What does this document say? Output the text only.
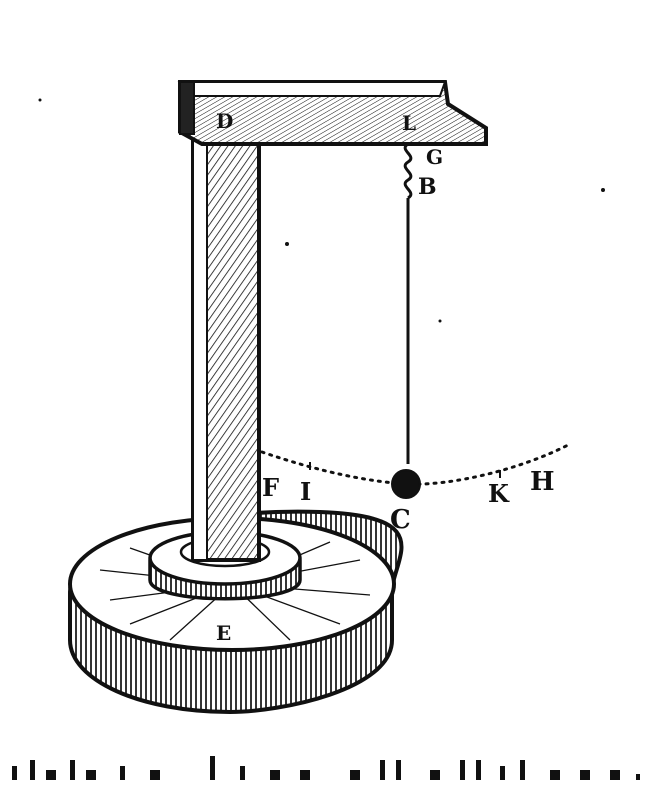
D	L
G
B
F I
C
K H
E
